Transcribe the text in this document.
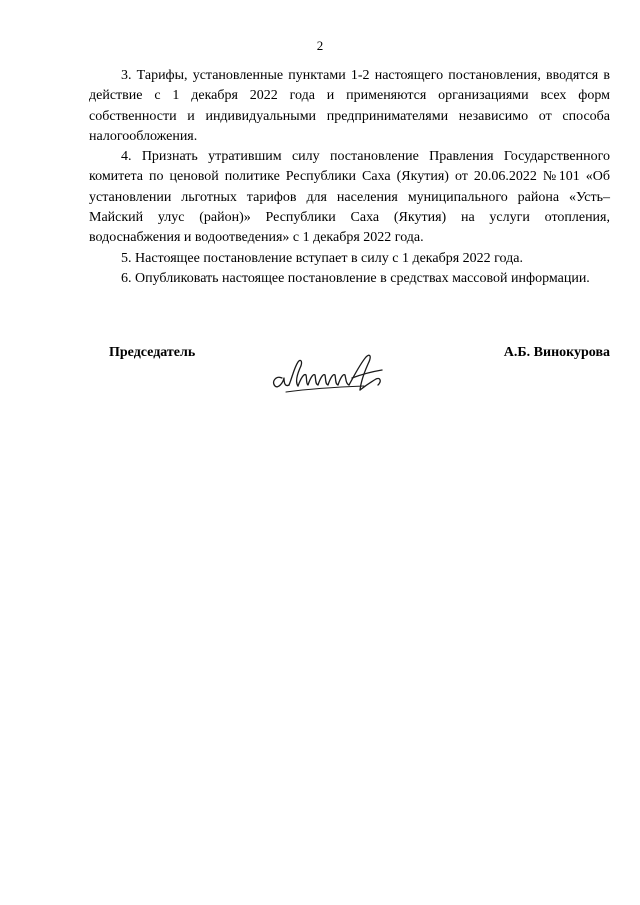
2

3. Тарифы, установленные пунктами 1-2 настоящего постановления, вводятся в действие с 1 декабря 2022 года и применяются организациями всех форм собственности и индивидуальными предпринимателями независимо от способа налогообложения.

4. Признать утратившим силу постановление Правления Государственного комитета по ценовой политике Республики Саха (Якутия) от 20.06.2022 №101 «Об установлении льготных тарифов для населения муниципального района «Усть–Майский улус (район)» Республики Саха (Якутия) на услуги отопления, водоснабжения и водоотведения» с 1 декабря 2022 года.

5. Настоящее постановление вступает в силу с 1 декабря 2022 года.

6. Опубликовать настоящее постановление в средствах массовой информации.

Председатель	А.Б. Винокурова
